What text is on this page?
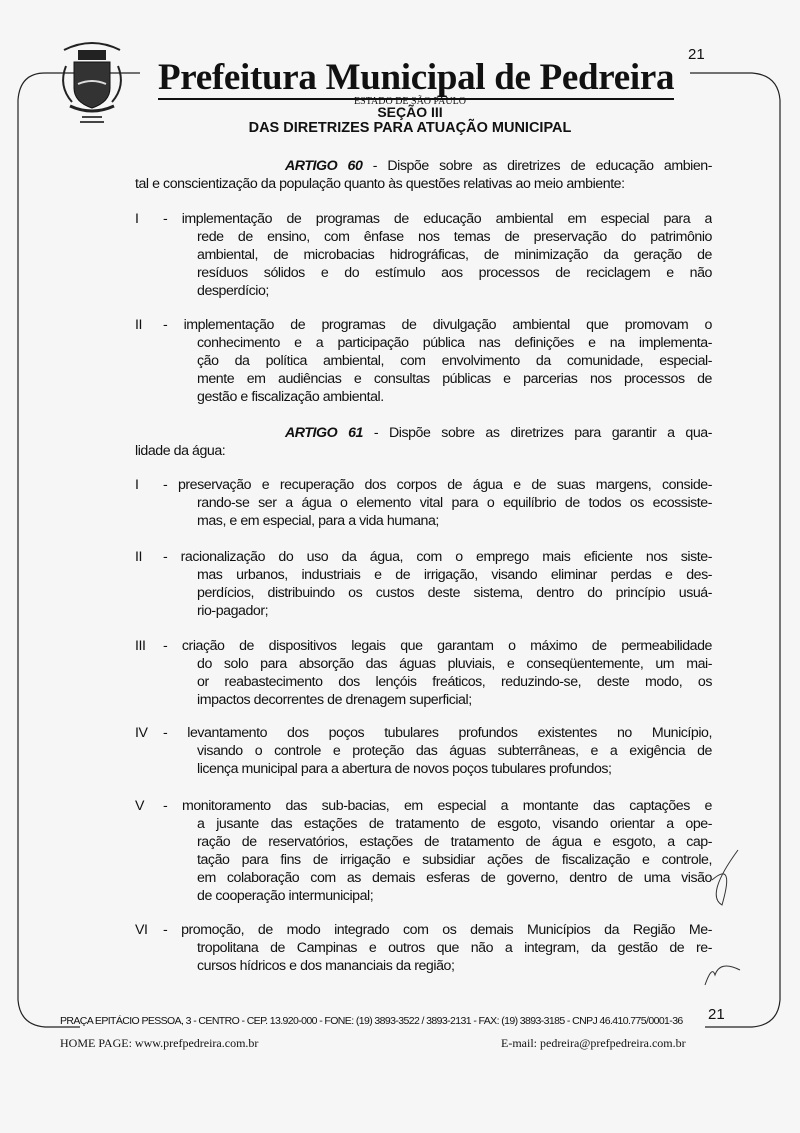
Prefeitura Municipal de Pedreira
21
ESTADO DE SÃO PAULO
SEÇÃO III
DAS DIRETRIZES PARA ATUAÇÃO MUNICIPAL
ARTIGO 60 - Dispõe sobre as diretrizes de educação ambien-
tal e conscientização da população quanto às questões relativas ao meio ambiente:
I - implementação de programas de educação ambiental em especial para a
rede de ensino, com ênfase nos temas de preservação do patrimônio
ambiental, de microbacias hidrográficas, de minimização da geração de
resíduos sólidos e do estímulo aos processos de reciclagem e não
desperdício;
II - implementação de programas de divulgação ambiental que promovam o
conhecimento e a participação pública nas definições e na implementa-
ção da política ambiental, com envolvimento da comunidade, especial-
mente em audiências e consultas públicas e parcerias nos processos de
gestão e fiscalização ambiental.
ARTIGO 61 - Dispõe sobre as diretrizes para garantir a qua-
lidade da água:
I - preservação e recuperação dos corpos de água e de suas margens, conside-
rando-se ser a água o elemento vital para o equilíbrio de todos os ecossiste-
mas, e em especial, para a vida humana;
II - racionalização do uso da água, com o emprego mais eficiente nos siste-
mas urbanos, industriais e de irrigação, visando eliminar perdas e des-
perdícios, distribuindo os custos deste sistema, dentro do princípio usuá-
rio-pagador;
III - criação de dispositivos legais que garantam o máximo de permeabilidade
do solo para absorção das águas pluviais, e conseqüentemente, um mai-
or reabastecimento dos lençóis freáticos, reduzindo-se, deste modo, os
impactos decorrentes de drenagem superficial;
IV - levantamento dos poços tubulares profundos existentes no Município,
visando o controle e proteção das águas subterrâneas, e a exigência de
licença municipal para a abertura de novos poços tubulares profundos;
V - monitoramento das sub-bacias, em especial a montante das captações e
a jusante das estações de tratamento de esgoto, visando orientar a ope-
ração de reservatórios, estações de tratamento de água e esgoto, a cap-
tação para fins de irrigação e subsidiar ações de fiscalização e controle,
em colaboração com as demais esferas de governo, dentro de uma visão
de cooperação intermunicipal;
VI - promoção, de modo integrado com os demais Municípios da Região Me-
tropolitana de Campinas e outros que não a integram, da gestão de re-
cursos hídricos e dos mananciais da região;
PRAÇA EPITÁCIO PESSOA, 3 - CENTRO - CEP. 13.920-000 - FONE: (19) 3893-3522 / 3893-2131 - FAX: (19) 3893-3185 - CNPJ 46.410.775/0001-36 21
HOME PAGE: www.prefpedreira.com.br	E-mail: pedreira@prefpedreira.com.br
